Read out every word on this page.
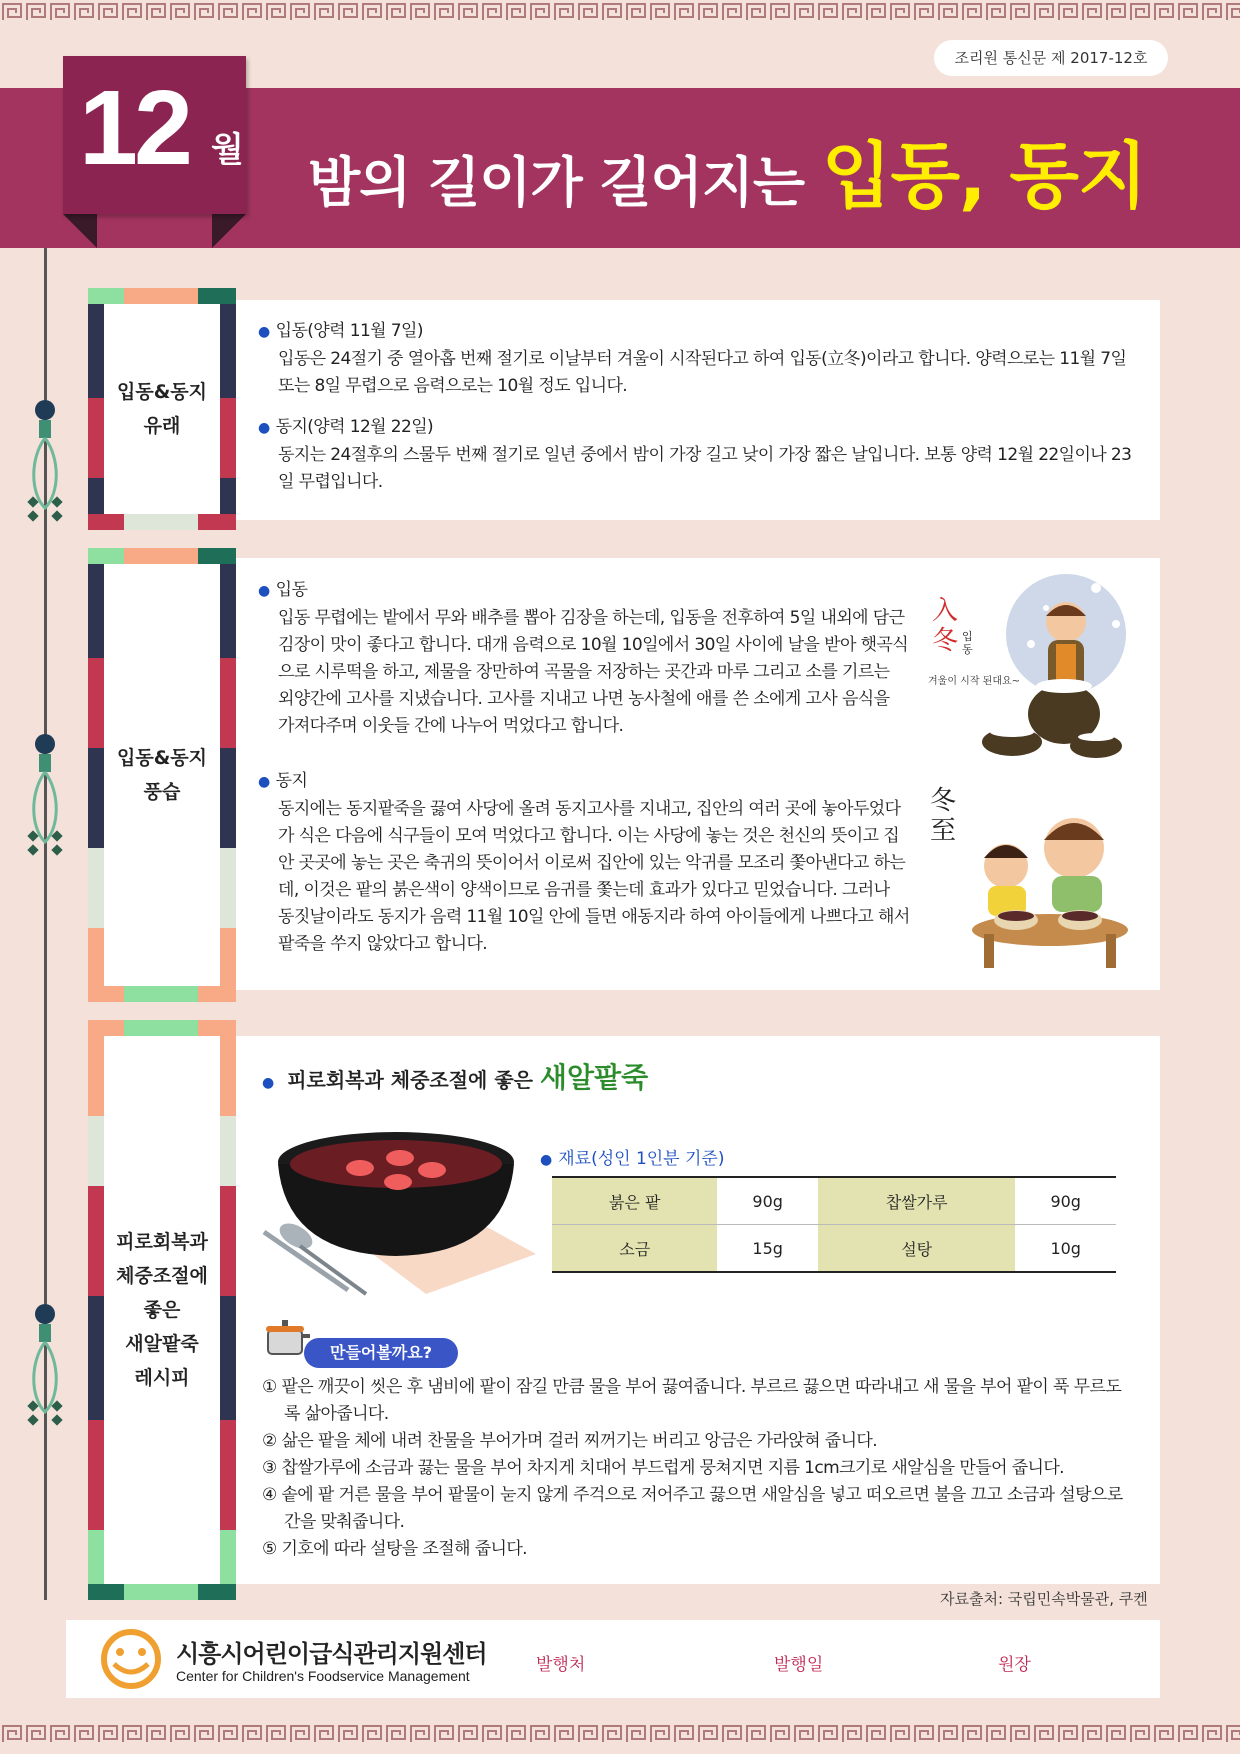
조리원 통신문 제 2017-12호
12 월
밤의 길이가 길어지는 입동, 동지
입동&동지
유래
● 입동(양력 11월 7일)
입동은 24절기 중 열아홉 번째 절기로 이날부터 겨울이 시작된다고 하여 입동(立冬)이라고 합니다. 양력으로는 11월 7일 또는 8일 무렵으로 음력으로는 10월 정도 입니다.
● 동지(양력 12월 22일)
동지는 24절후의 스물두 번째 절기로 일년 중에서 밤이 가장 길고 낮이 가장 짧은 날입니다. 보통 양력 12월 22일이나 23일 무렵입니다.
입동&동지
풍습
● 입동
입동 무렵에는 밭에서 무와 배추를 뽑아 김장을 하는데, 입동을 전후하여 5일 내외에 담근 김장이 맛이 좋다고 합니다. 대개 음력으로 10월 10일에서 30일 사이에 날을 받아 햇곡식으로 시루떡을 하고, 제물을 장만하여 곡물을 저장하는 곳간과 마루 그리고 소를 기르는 외양간에 고사를 지냈습니다. 고사를 지내고 나면 농사철에 애를 쓴 소에게 고사 음식을 가져다주며 이웃들 간에 나누어 먹었다고 합니다.
● 동지
동지에는 동지팥죽을 끓여 사당에 올려 동지고사를 지내고, 집안의 여러 곳에 놓아두었다가 식은 다음에 식구들이 모여 먹었다고 합니다. 이는 사당에 놓는 것은 천신의 뜻이고 집안 곳곳에 놓는 곳은 축귀의 뜻이어서 이로써 집안에 있는 악귀를 모조리 쫓아낸다고 하는데, 이것은 팥의 붉은색이 양색이므로 음귀를 쫓는데 효과가 있다고 믿었습니다. 그러나 동짓날이라도 동지가 음력 11월 10일 안에 들면 애동지라 하여 아이들에게 나쁘다고 해서 팥죽을 쑤지 않았다고 합니다.
入
冬 입동
겨울이 시작 된대요~
冬
至
피로회복과
체중조절에
좋은
새알팥죽
레시피
● 피로회복과 체중조절에 좋은 새알팥죽
● 재료(성인 1인분 기준)
붉은 팥	90g	찹쌀가루	90g
소금	15g	설탕	10g
만들어볼까요?

① 팥은 깨끗이 씻은 후 냄비에 팥이 잠길 만큼 물을 부어 끓여줍니다. 부르르 끓으면 따라내고 새 물을 부어 팥이 푹 무르도록 삶아줍니다.

② 삶은 팥을 체에 내려 찬물을 부어가며 걸러 찌꺼기는 버리고 앙금은 가라앉혀 줍니다.

③ 찹쌀가루에 소금과 끓는 물을 부어 차지게 치대어 부드럽게 뭉쳐지면 지름 1cm크기로 새알심을 만들어 줍니다.

④ 솥에 팥 거른 물을 부어 팥물이 눋지 않게 주걱으로 저어주고 끓으면 새알심을 넣고 떠오르면 불을 끄고 소금과 설탕으로 간을 맞춰줍니다.

⑤ 기호에 따라 설탕을 조절해 줍니다.

자료출처: 국립민속박물관, 쿠켄
시흥시어린이급식관리지원센터
Center for Children's Foodservice Management
발행처	발행일	원장
